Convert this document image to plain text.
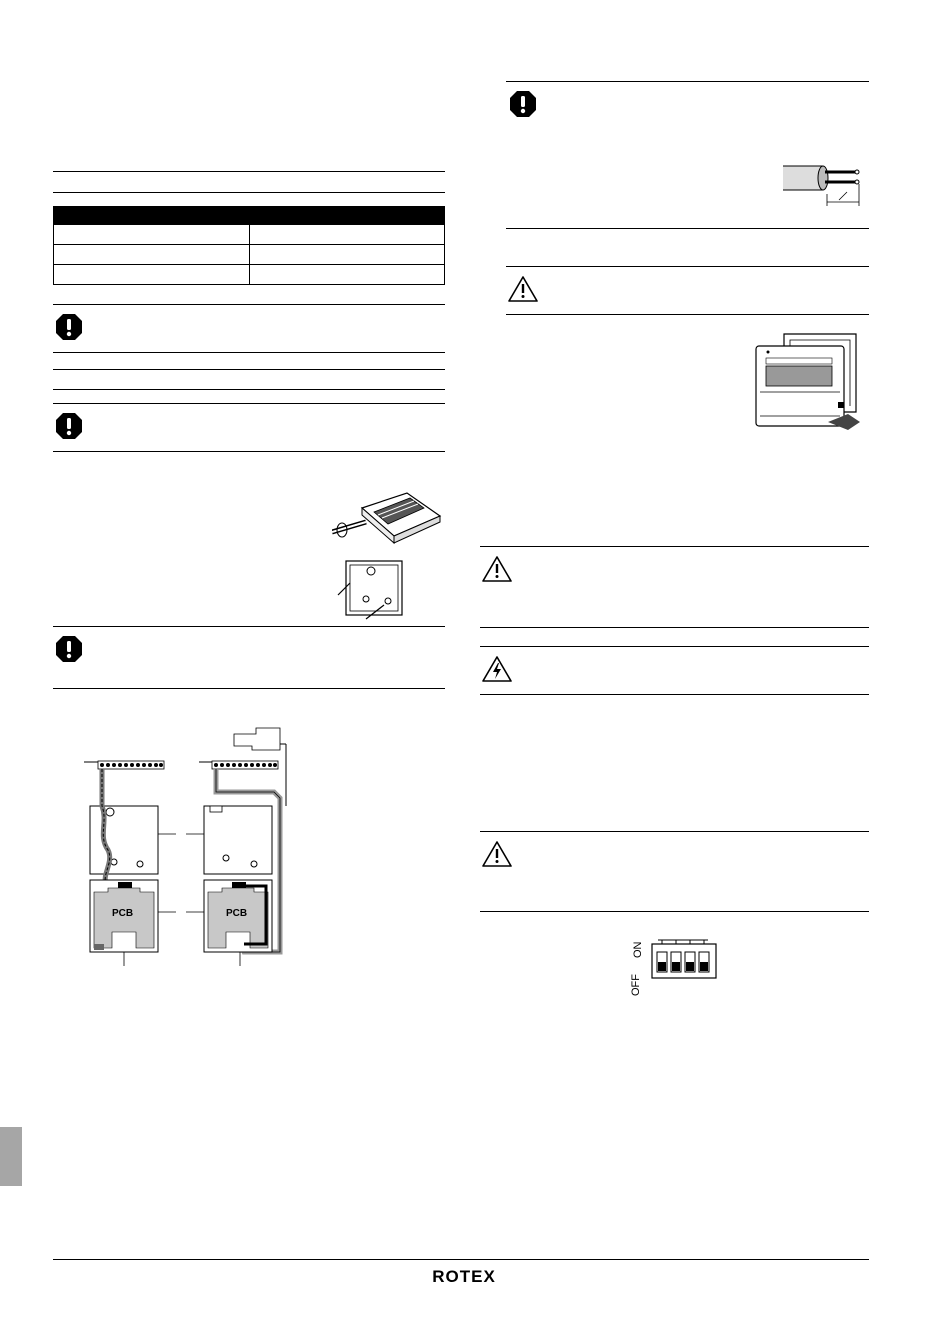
PCB	PCB
ON
OFF
ROTEX
